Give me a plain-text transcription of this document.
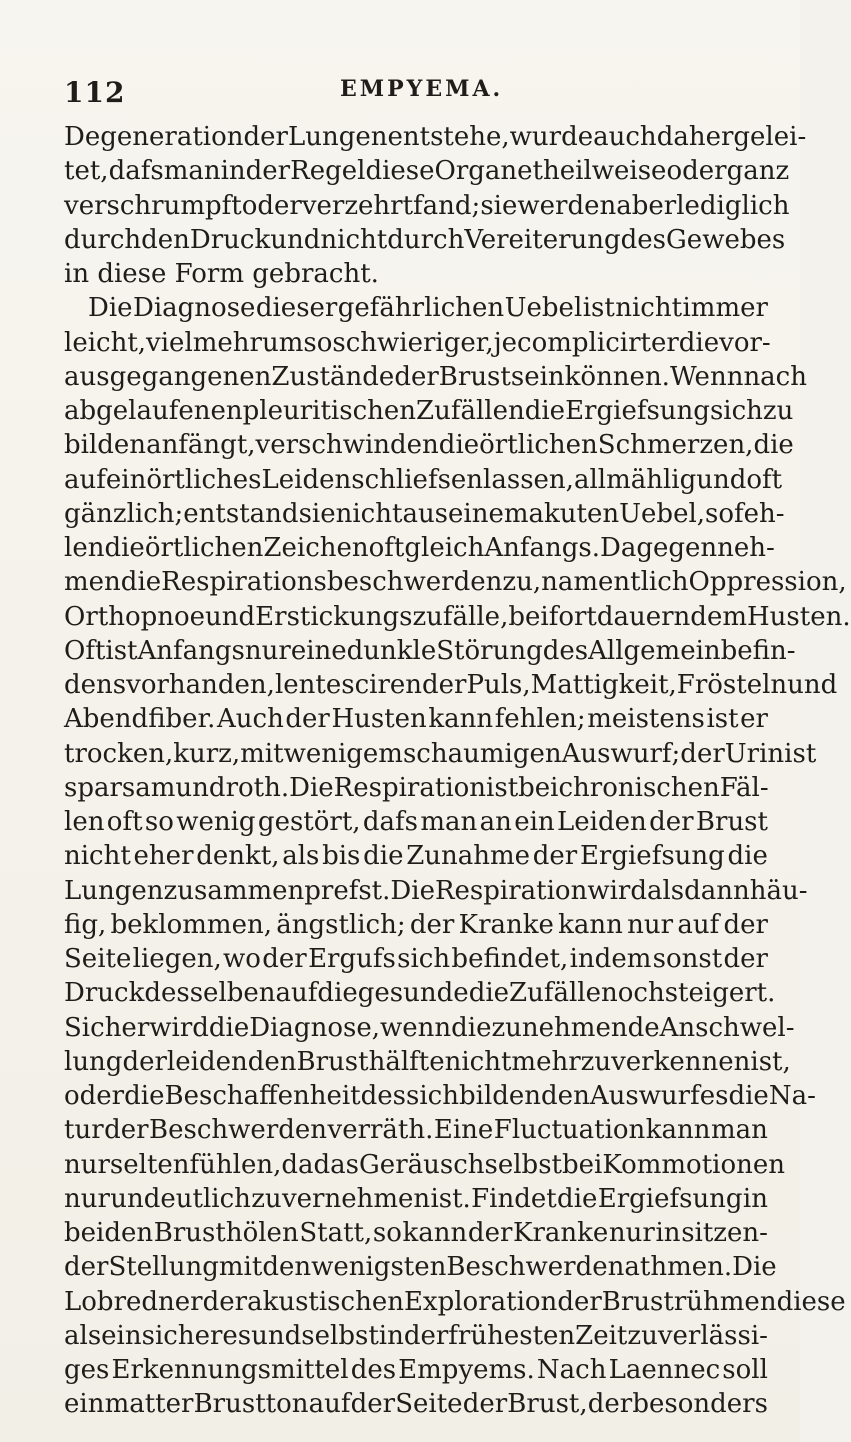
112	EMPYEMA.
Degeneration der Lungen entstehe, wurde auch daher gelei-
tet, dafs man in der Regel diese Organe theilweise oder ganz
verschrumpft oder verzehrt fand; sie werden aber lediglich
durch den Druck und nicht durch Vereiterung des Gewebes
in diese Form gebracht.
Die Diagnose dieser gefährlichen Uebel ist nicht immer
leicht, vielmehr um so schwieriger, je complicirter die vor-
ausgegangenen Zustände der Brust sein können. Wenn nach
abgelaufenen pleuritischen Zufällen die Ergiefsung sich zu
bilden anfängt, verschwinden die örtlichen Schmerzen, die
auf ein örtliches Leiden schliefsen lassen, allmählig und oft
gänzlich; entstand sie nicht aus einem akuten Uebel, so feh-
len die örtlichen Zeichen oft gleich Anfangs. Dagegen neh-
men die Respirationsbeschwerden zu, namentlich Oppression,
Orthopnoe und Erstickungszufälle, bei fortdauerndem Husten.
Oft ist Anfangs nur eine dunkle Störung des Allgemeinbefin-
dens vorhanden, lentescirender Puls, Mattigkeit, Frösteln und
Abendfiber. Auch der Husten kann fehlen; meistens ist er
trocken, kurz, mit wenigem schaumigen Auswurf; der Urin ist
sparsam und roth. Die Respiration ist bei chronischen Fäl-
len oft so wenig gestört, dafs man an ein Leiden der Brust
nicht eher denkt, als bis die Zunahme der Ergiefsung die
Lungen zusammenprefst. Die Respiration wird alsdann häu-
fig, beklommen, ängstlich; der Kranke kann nur auf der
Seite liegen, wo der Ergufs sich befindet, indem sonst der
Druck desselben auf die gesunde die Zufälle noch steigert.
Sicher wird die Diagnose, wenn die zunehmende Anschwel-
lung der leidenden Brusthälfte nicht mehr zu verkennen ist,
oder die Beschaffenheit des sich bildenden Auswurfes die Na-
tur der Beschwerden verräth. Eine Fluctuation kann man
nur selten fühlen, da das Geräusch selbst bei Kommotionen
nur undeutlich zu vernehmen ist. Findet die Ergiefsung in
beiden Brusthölen Statt, so kann der Kranke nur in sitzen-
der Stellung mit den wenigsten Beschwerden athmen. Die
Lobredner der akustischen Exploration der Brust rühmen diese
als ein sicheres und selbst in der frühesten Zeit zuverlässi-
ges Erkennungsmittel des Empyems. Nach Laennec soll
ein matter Brustton auf der Seite der Brust, der besonders
